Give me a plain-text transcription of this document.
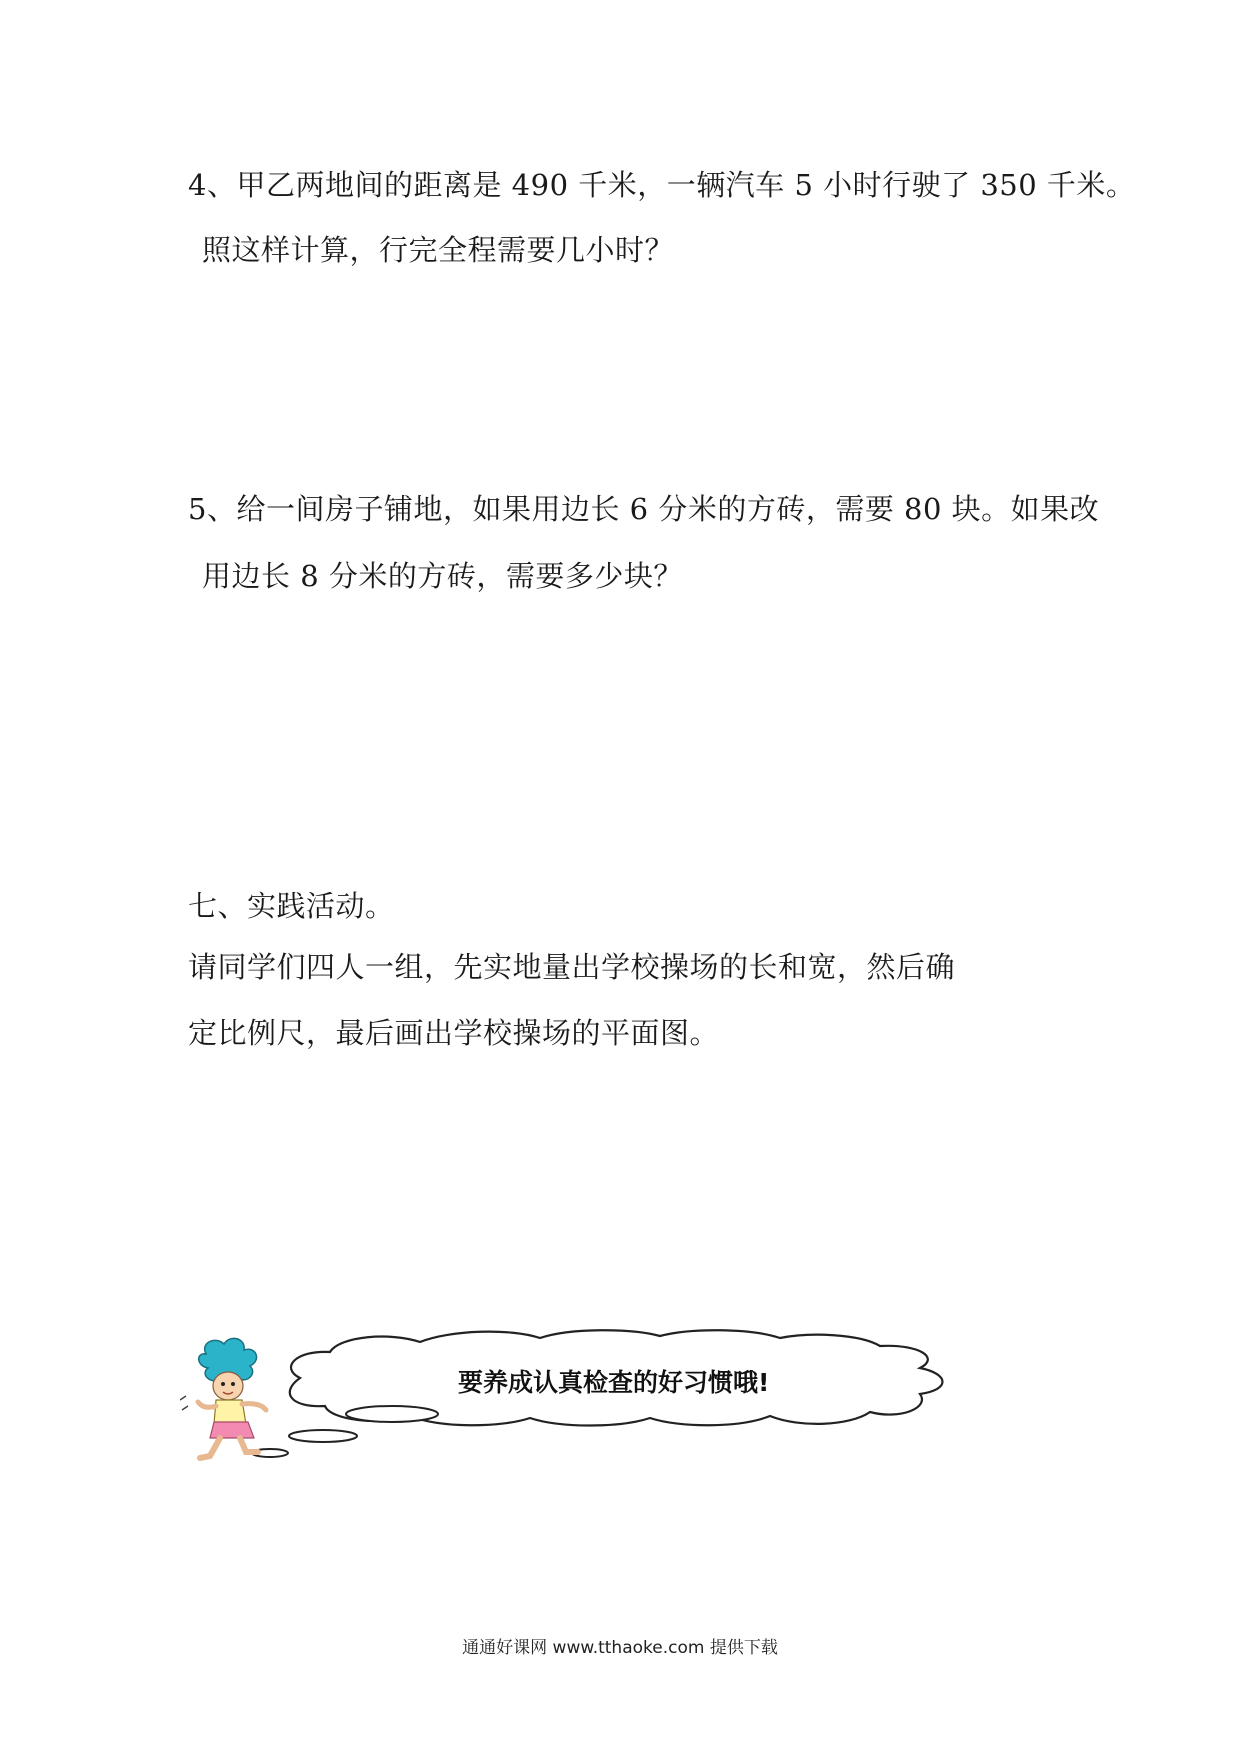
4、甲乙两地间的距离是 490 千米，一辆汽车 5 小时行驶了 350 千米。
照这样计算，行完全程需要几小时？
5、给一间房子铺地，如果用边长 6 分米的方砖，需要 80 块。如果改
用边长 8 分米的方砖，需要多少块？
七、实践活动。
请同学们四人一组，先实地量出学校操场的长和宽，然后确
定比例尺，最后画出学校操场的平面图。
要养成认真检查的好习惯哦!
通通好课网 www.tthaoke.com 提供下载
